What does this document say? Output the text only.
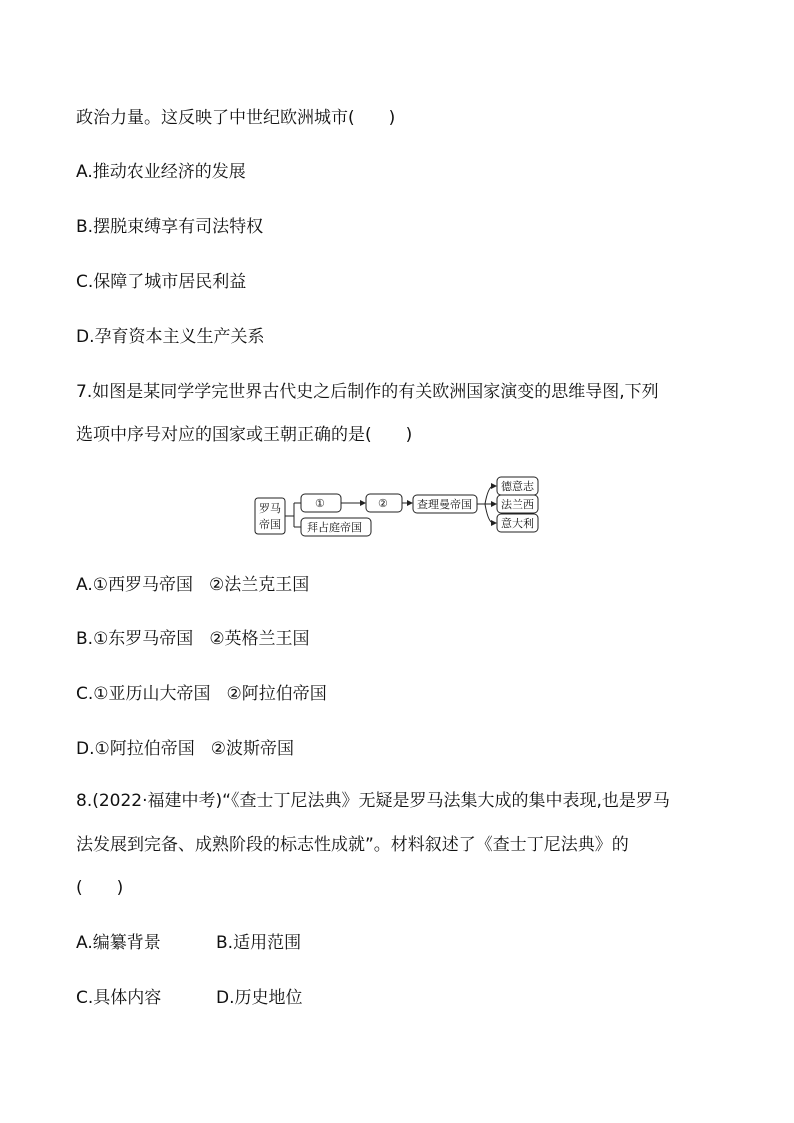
政治力量。这反映了中世纪欧洲城市(　　)
A.推动农业经济的发展
B.摆脱束缚享有司法特权
C.保障了城市居民利益
D.孕育资本主义生产关系
7.如图是某同学学完世界古代史之后制作的有关欧洲国家演变的思维导图,下列
选项中序号对应的国家或王朝正确的是(　　)
罗马
帝国
①	②
拜占庭帝国
查理曼帝国
德意志
法兰西
意大利
A.①西罗马帝国 ②法兰克王国
B.①东罗马帝国 ②英格兰王国
C.①亚历山大帝国 ②阿拉伯帝国
D.①阿拉伯帝国 ②波斯帝国
8.(2022·福建中考)“《查士丁尼法典》无疑是罗马法集大成的集中表现,也是罗马
法发展到完备、成熟阶段的标志性成就”。材料叙述了《查士丁尼法典》的
(　　)
A.编纂背景	B.适用范围
C.具体内容	D.历史地位
